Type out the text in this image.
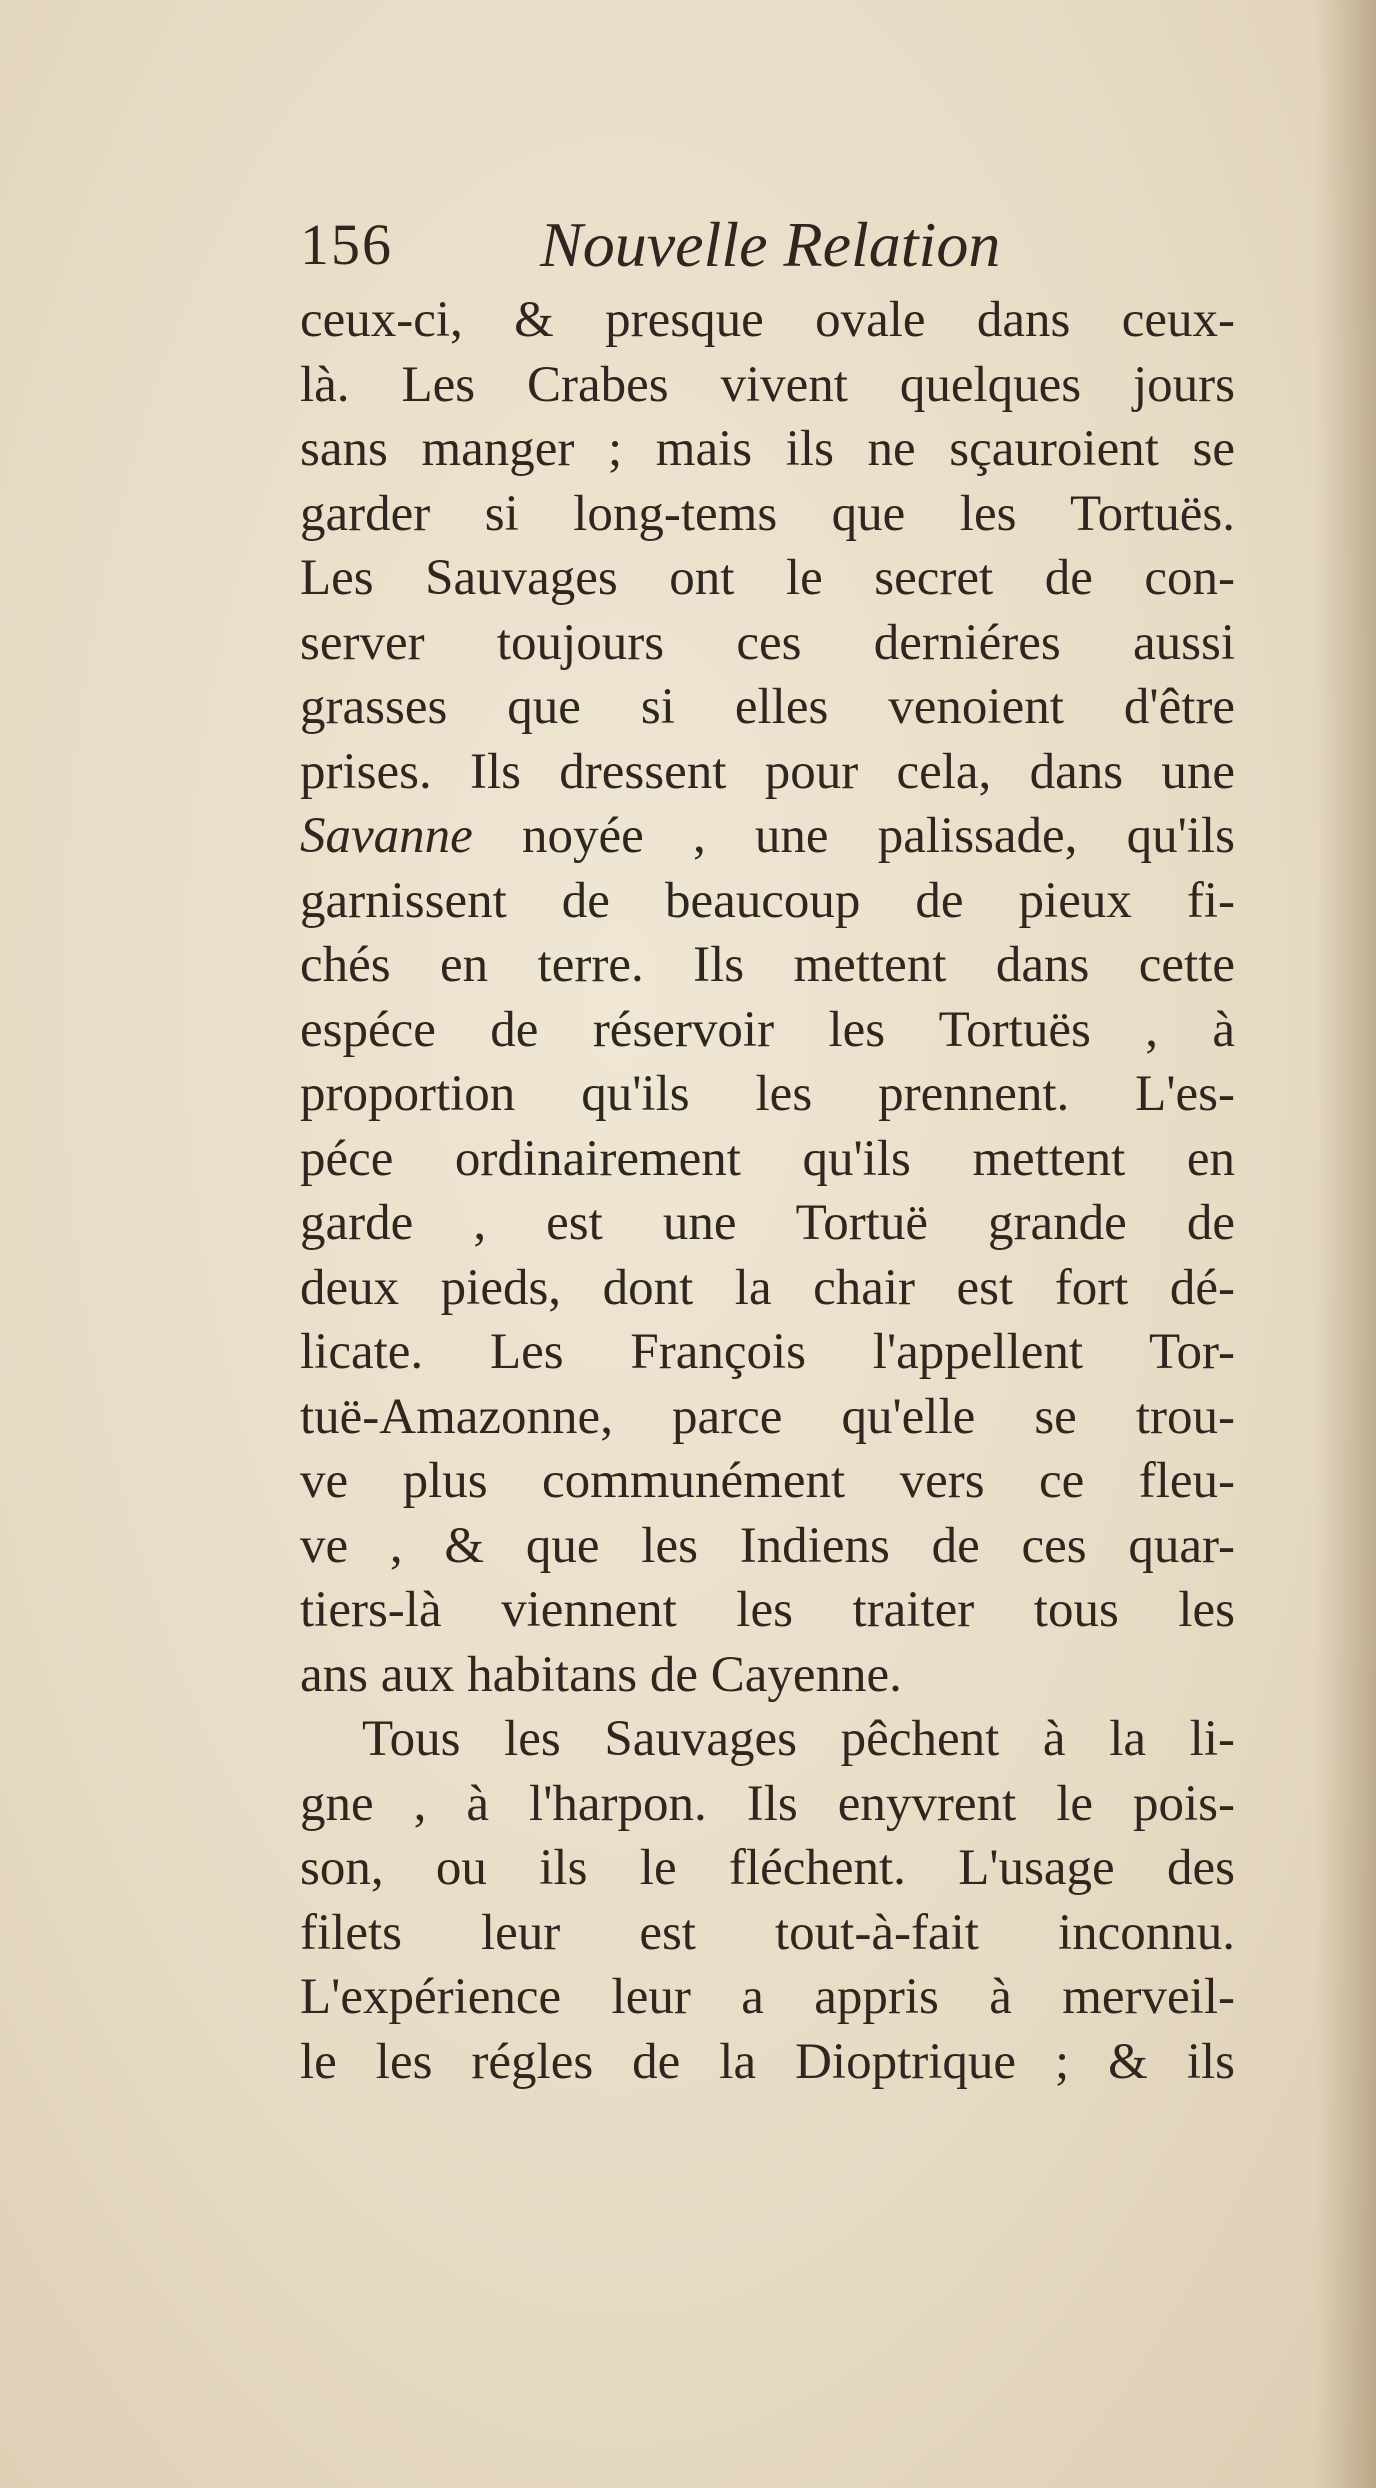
156 Nouvelle Relation
ceux-ci, & presque ovale dans ceux-
là. Les Crabes vivent quelques jours
sans manger ; mais ils ne sçauroient se
garder si long-tems que les Tortuës.
Les Sauvages ont le secret de con-
server toujours ces derniéres aussi
grasses que si elles venoient d'être
prises. Ils dressent pour cela, dans une
Savanne noyée , une palissade, qu'ils
garnissent de beaucoup de pieux fi-
chés en terre. Ils mettent dans cette
espéce de réservoir les Tortuës , à
proportion qu'ils les prennent. L'es-
péce ordinairement qu'ils mettent en
garde , est une Tortuë grande de
deux pieds, dont la chair est fort dé-
licate. Les François l'appellent Tor-
tuë-Amazonne, parce qu'elle se trou-
ve plus communément vers ce fleu-
ve , & que les Indiens de ces quar-
tiers-là viennent les traiter tous les
ans aux habitans de Cayenne.
Tous les Sauvages pêchent à la li-
gne , à l'harpon. Ils enyvrent le pois-
son, ou ils le fléchent. L'usage des
filets leur est tout-à-fait inconnu.
L'expérience leur a appris à merveil-
le les régles de la Dioptrique ; & ils
